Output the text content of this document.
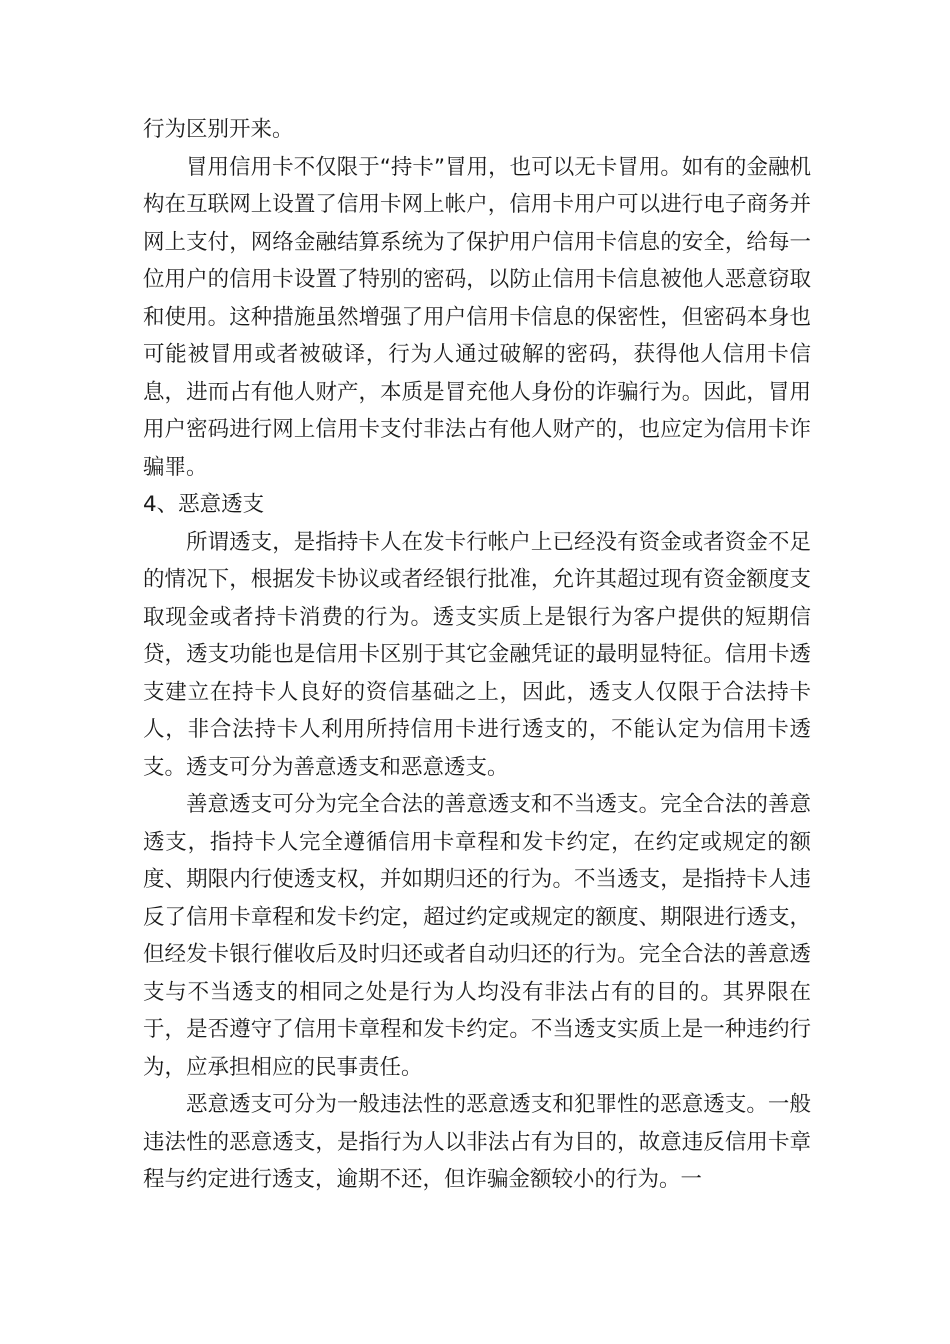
行为区别开来。

冒用信用卡不仅限于“持卡”冒用，也可以无卡冒用。如有的金融机构在互联网上设置了信用卡网上帐户，信用卡用户可以进行电子商务并网上支付，网络金融结算系统为了保护用户信用卡信息的安全，给每一位用户的信用卡设置了特别的密码，以防止信用卡信息被他人恶意窃取和使用。这种措施虽然增强了用户信用卡信息的保密性，但密码本身也可能被冒用或者被破译，行为人通过破解的密码，获得他人信用卡信息，进而占有他人财产，本质是冒充他人身份的诈骗行为。因此，冒用用户密码进行网上信用卡支付非法占有他人财产的，也应定为信用卡诈骗罪。

4、恶意透支

所谓透支，是指持卡人在发卡行帐户上已经没有资金或者资金不足的情况下，根据发卡协议或者经银行批准，允许其超过现有资金额度支取现金或者持卡消费的行为。透支实质上是银行为客户提供的短期信贷，透支功能也是信用卡区别于其它金融凭证的最明显特征。信用卡透支建立在持卡人良好的资信基础之上，因此，透支人仅限于合法持卡人，非合法持卡人利用所持信用卡进行透支的，不能认定为信用卡透支。透支可分为善意透支和恶意透支。

善意透支可分为完全合法的善意透支和不当透支。完全合法的善意透支，指持卡人完全遵循信用卡章程和发卡约定，在约定或规定的额度、期限内行使透支权，并如期归还的行为。不当透支，是指持卡人违反了信用卡章程和发卡约定，超过约定或规定的额度、期限进行透支，但经发卡银行催收后及时归还或者自动归还的行为。完全合法的善意透支与不当透支的相同之处是行为人均没有非法占有的目的。其界限在于，是否遵守了信用卡章程和发卡约定。不当透支实质上是一种违约行为，应承担相应的民事责任。

恶意透支可分为一般违法性的恶意透支和犯罪性的恶意透支。一般违法性的恶意透支，是指行为人以非法占有为目的，故意违反信用卡章程与约定进行透支，逾期不还，但诈骗金额较小的行为。一
